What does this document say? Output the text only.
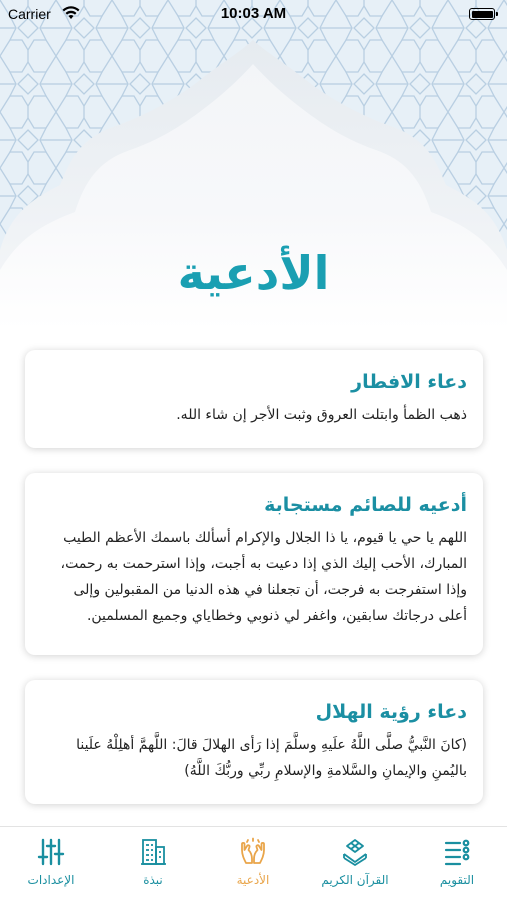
Carrier	10:03 AM
الأدعية

دعاء الافطار

ذهب الظمأ وابتلت العروق وثبت الأجر إن شاء الله.

أدعيه للصائم مستجابة

اللهم يا حي يا قيوم، يا ذا الجلال والإكرام أسألك باسمك الأعظم الطيب المبارك، الأحب إليك الذي إذا دعيت به أجبت، وإذا استرحمت به رحمت، وإذا استفرجت به فرجت، أن تجعلنا في هذه الدنيا من المقبولين وإلى أعلى درجاتك سابقين، واغفر لي ذنوبي وخطاياي وجميع المسلمين.

دعاء رؤية الهلال

(كانَ النَّبيُّ صلَّى اللَّهُ علَيهِ وسلَّمَ إذا رَأى الهلالَ قالَ: اللَّهمَّ أهلِلْهُ علَينا باليُمنِ والإيمانِ والسَّلامةِ والإسلامِ ربِّي وربُّكَ اللَّهُ)

الإعدادات	نبذة	الأدعية	القرآن الكريم	التقويم
